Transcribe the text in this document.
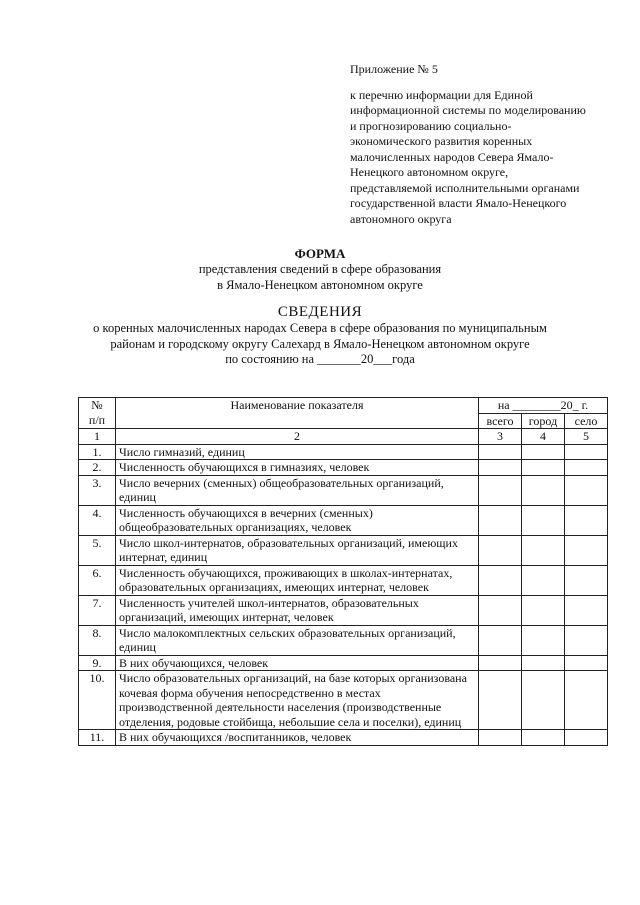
Приложение № 5
к перечню информации для Единой
информационной системы по моделированию
и прогнозированию социально-
экономического развития коренных
малочисленных народов Севера Ямало-
Ненецкого автономном округе,
представляемой исполнительными органами
государственной власти Ямало-Ненецкого
автономного округа
ФОРМА
представления сведений в сфере образования
в Ямало-Ненецком автономном округе
СВЕДЕНИЯ
о коренных малочисленных народах Севера в сфере образования по муниципальным
районам и городскому округу Салехард в Ямало-Ненецком автономном округе
по состоянию на _______20___года
№
п/п	Наименование показателя	на ________20_ г.		
		всего	город	село
1	2	3	4	5
1.	Число гимназий, единиц			
2.	Численность обучающихся в гимназиях, человек			
3.	Число вечерних (сменных) общеобразовательных организаций, единиц			
4.	Численность обучающихся в вечерних (сменных) общеобразовательных организациях, человек			
5.	Число школ-интернатов, образовательных организаций, имеющих интернат, единиц			
6.	Численность обучающихся, проживающих в школах-интернатах, образовательных организациях, имеющих интернат, человек			
7.	Численность учителей школ-интернатов, образовательных организаций, имеющих интернат, человек			
8.	Число малокомплектных сельских образовательных организаций, единиц			
9.	В них обучающихся, человек			
10.	Число образовательных организаций, на базе которых организована кочевая форма обучения непосредственно в местах производственной деятельности населения (производственные отделения, родовые стойбища, небольшие села и поселки), единиц			
11.	В них обучающихся /воспитанников, человек			
